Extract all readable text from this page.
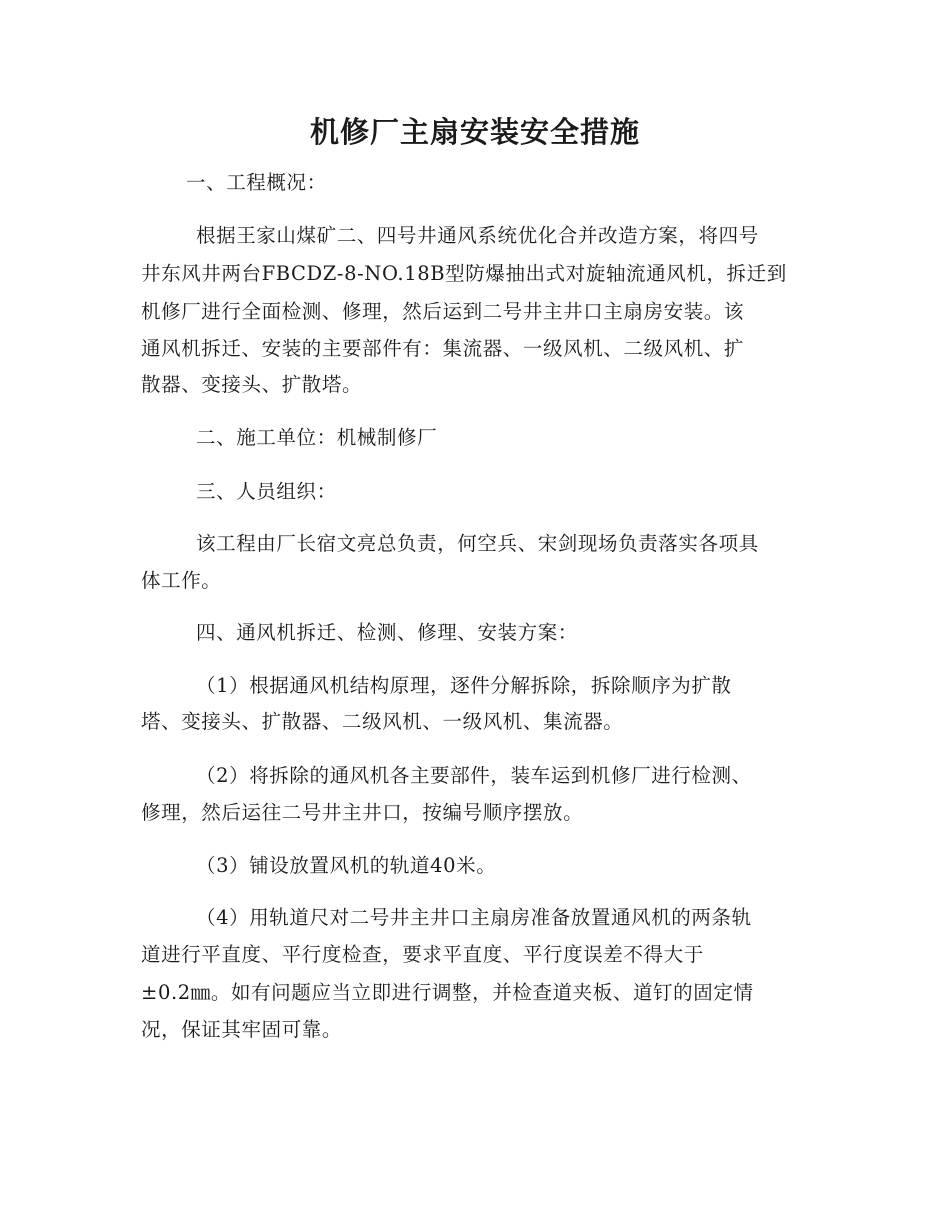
机修厂主扇安装安全措施

一、工程概况：

根据王家山煤矿二、四号井通风系统优化合并改造方案，将四号

井东风井两台FBCDZ-8-NO.18B型防爆抽出式对旋轴流通风机，拆迁到

机修厂进行全面检测、修理，然后运到二号井主井口主扇房安装。该

通风机拆迁、安装的主要部件有：集流器、一级风机、二级风机、扩

散器、变接头、扩散塔。

二、施工单位：机械制修厂

三、人员组织：

该工程由厂长宿文亮总负责，何空兵、宋剑现场负责落实各项具

体工作。

四、通风机拆迁、检测、修理、安装方案：

（1）根据通风机结构原理，逐件分解拆除，拆除顺序为扩散

塔、变接头、扩散器、二级风机、一级风机、集流器。

（2）将拆除的通风机各主要部件，装车运到机修厂进行检测、

修理，然后运往二号井主井口，按编号顺序摆放。

（3）铺设放置风机的轨道40米。

（4）用轨道尺对二号井主井口主扇房准备放置通风机的两条轨

道进行平直度、平行度检查，要求平直度、平行度误差不得大于

±0.2㎜。如有问题应当立即进行调整，并检查道夹板、道钉的固定情

况，保证其牢固可靠。
